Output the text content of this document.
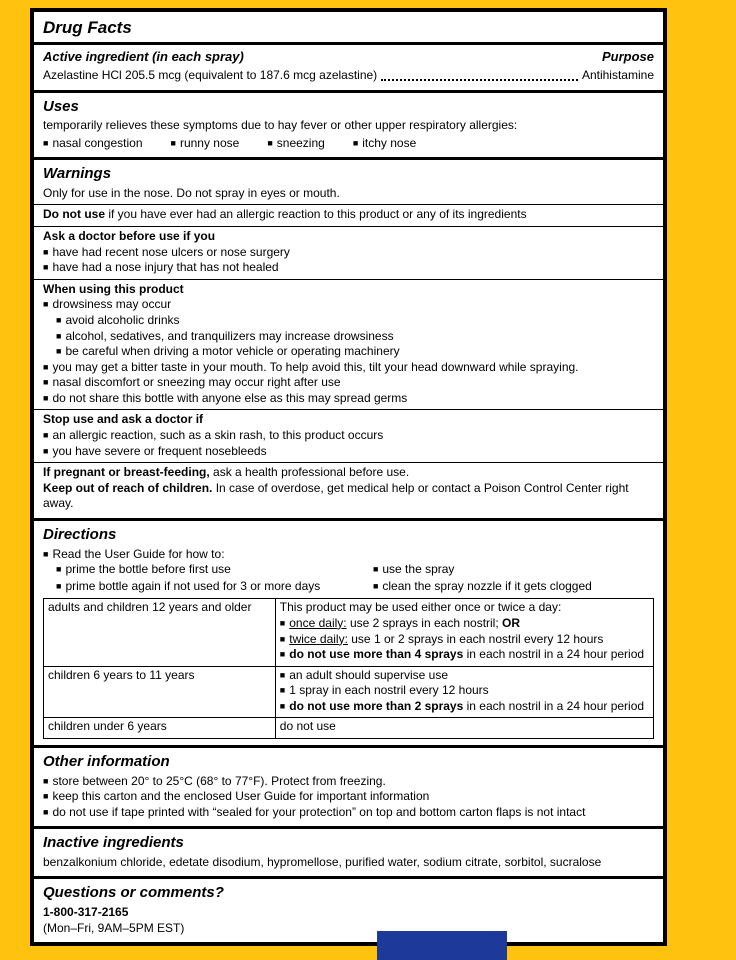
Drug Facts
Active ingredient (in each spray)	Purpose
Azelastine HCl 205.5 mcg (equivalent to 187.6 mcg azelastine)	Antihistamine
Uses
temporarily relieves these symptoms due to hay fever or other upper respiratory allergies:
■ nasal congestion	■ runny nose	■ sneezing	■ itchy nose
Warnings
Only for use in the nose. Do not spray in eyes or mouth.
Do not use if you have ever had an allergic reaction to this product or any of its ingredients
Ask a doctor before use if you
■ have had recent nose ulcers or nose surgery
■ have had a nose injury that has not healed
When using this product
■ drowsiness may occur
■ avoid alcoholic drinks
■ alcohol, sedatives, and tranquilizers may increase drowsiness
■ be careful when driving a motor vehicle or operating machinery
■ you may get a bitter taste in your mouth. To help avoid this, tilt your head downward while spraying.
■ nasal discomfort or sneezing may occur right after use
■ do not share this bottle with anyone else as this may spread germs
Stop use and ask a doctor if
■ an allergic reaction, such as a skin rash, to this product occurs
■ you have severe or frequent nosebleeds
If pregnant or breast-feeding, ask a health professional before use.
Keep out of reach of children. In case of overdose, get medical help or contact a Poison Control Center right away.
Directions
■ Read the User Guide for how to:
■ prime the bottle before first use	■ use the spray
■ prime bottle again if not used for 3 or more days	■ clean the spray nozzle if it gets clogged
adults and children 12 years and older	This product may be used either once or twice a day:
■ once daily: use 2 sprays in each nostril; OR
■ twice daily: use 1 or 2 sprays in each nostril every 12 hours
■ do not use more than 4 sprays in each nostril in a 24 hour period

children 6 years to 11 years	■ an adult should supervise use
■ 1 spray in each nostril every 12 hours
■ do not use more than 2 sprays in each nostril in a 24 hour period

children under 6 years	do not use
Other information
■ store between 20° to 25°C (68° to 77°F). Protect from freezing.
■ keep this carton and the enclosed User Guide for important information
■ do not use if tape printed with “sealed for your protection” on top and bottom carton flaps is not intact
Inactive ingredients
benzalkonium chloride, edetate disodium, hypromellose, purified water, sodium citrate, sorbitol, sucralose
Questions or comments?
1-800-317-2165
(Mon–Fri, 9AM–5PM EST)
